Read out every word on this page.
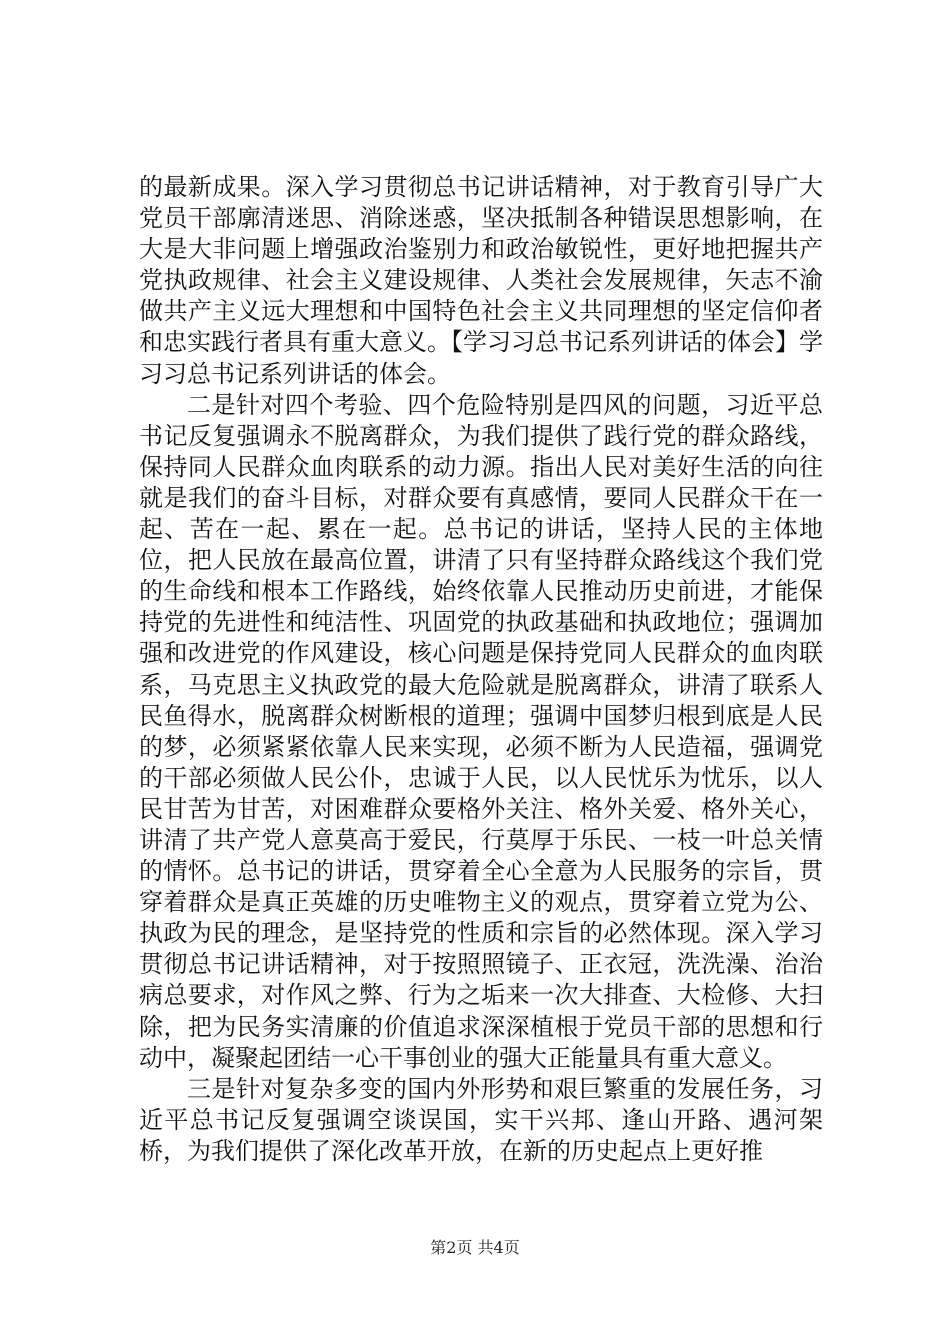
的最新成果。深入学习贯彻总书记讲话精神，对于教育引导广大党员干部廓清迷思、消除迷惑，坚决抵制各种错误思想影响，在大是大非问题上增强政治鉴别力和政治敏锐性，更好地把握共产党执政规律、社会主义建设规律、人类社会发展规律，矢志不渝做共产主义远大理想和中国特色社会主义共同理想的坚定信仰者和忠实践行者具有重大意义。【学习习总书记系列讲话的体会】学习习总书记系列讲话的体会。

二是针对四个考验、四个危险特别是四风的问题，习近平总书记反复强调永不脱离群众，为我们提供了践行党的群众路线，保持同人民群众血肉联系的动力源。指出人民对美好生活的向往就是我们的奋斗目标，对群众要有真感情，要同人民群众干在一起、苦在一起、累在一起。总书记的讲话，坚持人民的主体地位，把人民放在最高位置，讲清了只有坚持群众路线这个我们党的生命线和根本工作路线，始终依靠人民推动历史前进，才能保持党的先进性和纯洁性、巩固党的执政基础和执政地位；强调加强和改进党的作风建设，核心问题是保持党同人民群众的血肉联系，马克思主义执政党的最大危险就是脱离群众，讲清了联系人民鱼得水，脱离群众树断根的道理；强调中国梦归根到底是人民的梦，必须紧紧依靠人民来实现，必须不断为人民造福，强调党的干部必须做人民公仆，忠诚于人民，以人民忧乐为忧乐，以人民甘苦为甘苦，对困难群众要格外关注、格外关爱、格外关心，讲清了共产党人意莫高于爱民，行莫厚于乐民、一枝一叶总关情的情怀。总书记的讲话，贯穿着全心全意为人民服务的宗旨，贯穿着群众是真正英雄的历史唯物主义的观点，贯穿着立党为公、执政为民的理念，是坚持党的性质和宗旨的必然体现。深入学习贯彻总书记讲话精神，对于按照照镜子、正衣冠，洗洗澡、治治病总要求，对作风之弊、行为之垢来一次大排查、大检修、大扫除，把为民务实清廉的价值追求深深植根于党员干部的思想和行动中，凝聚起团结一心干事创业的强大正能量具有重大意义。

三是针对复杂多变的国内外形势和艰巨繁重的发展任务，习近平总书记反复强调空谈误国，实干兴邦、逢山开路、遇河架桥，为我们提供了深化改革开放，在新的历史起点上更好推

第2页 共4页
